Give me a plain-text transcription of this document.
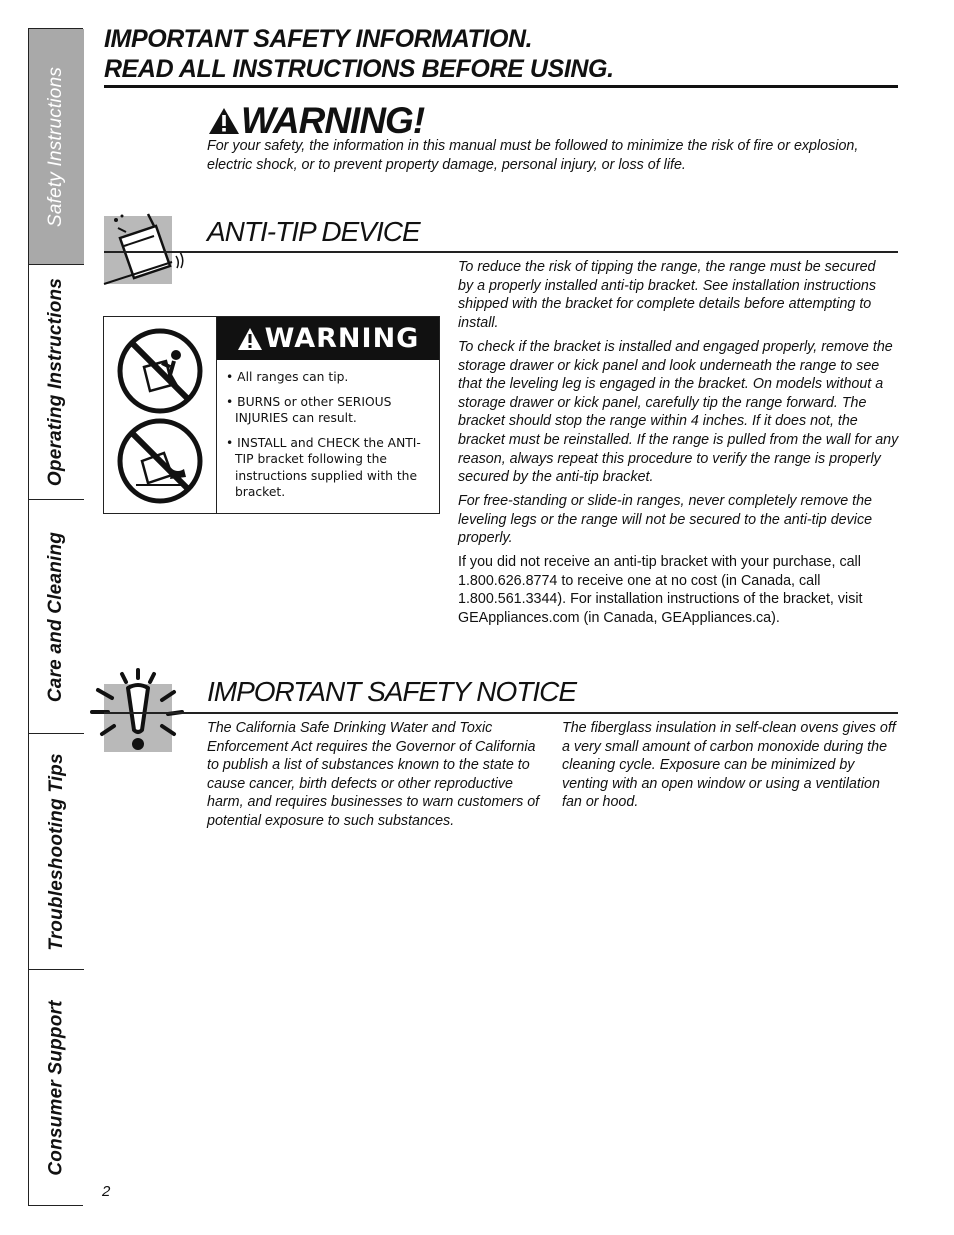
Safety Instructions
Operating Instructions
Care and Cleaning
Troubleshooting Tips
Consumer Support
IMPORTANT SAFETY INFORMATION.
READ ALL INSTRUCTIONS BEFORE USING.
WARNING!
For your safety, the information in this manual must be followed to minimize the risk of fire or explosion, electric shock, or to prevent property damage, personal injury, or loss of life.
ANTI-TIP DEVICE
WARNING
• All ranges can tip.
• BURNS or other SERIOUS INJURIES can result.
• INSTALL and CHECK the ANTI-TIP bracket following the instructions supplied with the bracket.
To reduce the risk of tipping the range, the range must be secured by a properly installed anti-tip bracket. See installation instructions shipped with the bracket for complete details before attempting to install.
To check if the bracket is installed and engaged properly, remove the storage drawer or kick panel and look underneath the range to see that the leveling leg is engaged in the bracket. On models without a storage drawer or kick panel, carefully tip the range forward. The bracket should stop the range within 4 inches. If it does not, the bracket must be reinstalled. If the range is pulled from the wall for any reason, always repeat this procedure to verify the range is properly secured by the anti-tip bracket.
For free-standing or slide-in ranges, never completely remove the leveling legs or the range will not be secured to the anti-tip device properly.
If you did not receive an anti-tip bracket with your purchase, call 1.800.626.8774 to receive one at no cost (in Canada, call 1.800.561.3344). For installation instructions of the bracket, visit GEAppliances.com (in Canada, GEAppliances.ca).
IMPORTANT SAFETY NOTICE
The California Safe Drinking Water and Toxic Enforcement Act requires the Governor of California to publish a list of substances known to the state to cause cancer, birth defects or other reproductive harm, and requires businesses to warn customers of potential exposure to such substances.
The fiberglass insulation in self-clean ovens gives off a very small amount of carbon monoxide during the cleaning cycle. Exposure can be minimized by venting with an open window or using a ventilation fan or hood.
2
